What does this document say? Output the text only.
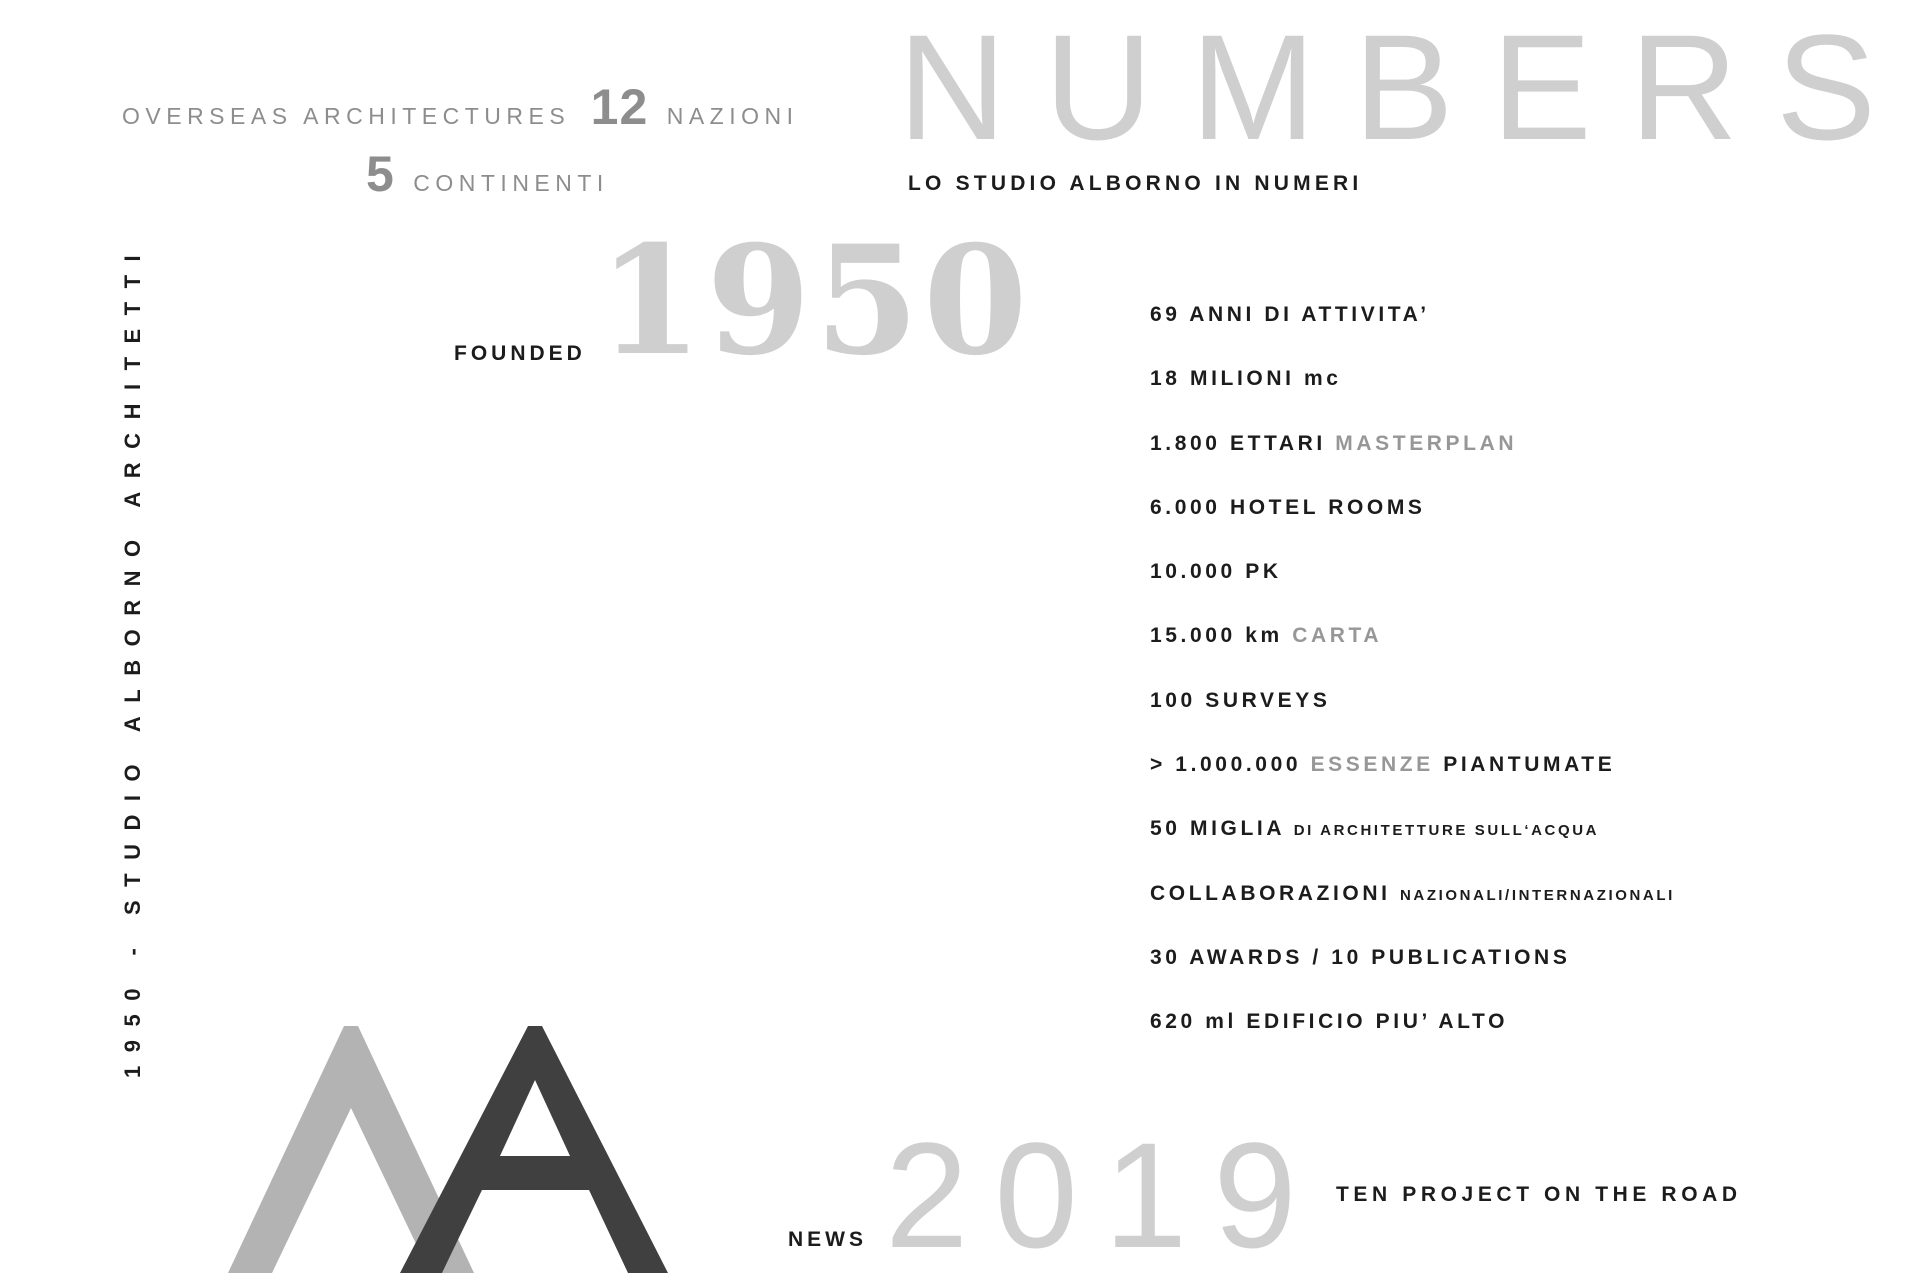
NUMBERS
LO STUDIO ALBORNO IN NUMERI
OVERSEAS ARCHITECTURES 12 NAZIONI
5 CONTINENTI
1950 - STUDIO ALBORNO ARCHITETTI	FOUNDED 1950	69 ANNI DI ATTIVITA’
18 MILIONI mc
1.800 ETTARI MASTERPLAN
6.000 HOTEL ROOMS
10.000 PK
15.000 km CARTA
100 SURVEYS
> 1.000.000 ESSENZE PIANTUMATE
50 MIGLIA DI ARCHITETTURE SULL‘ACQUA
COLLABORAZIONI NAZIONALI/INTERNAZIONALI
30 AWARDS / 10 PUBLICATIONS
620 ml EDIFICIO PIU’ ALTO
NEWS 2019 TEN PROJECT ON THE ROAD
